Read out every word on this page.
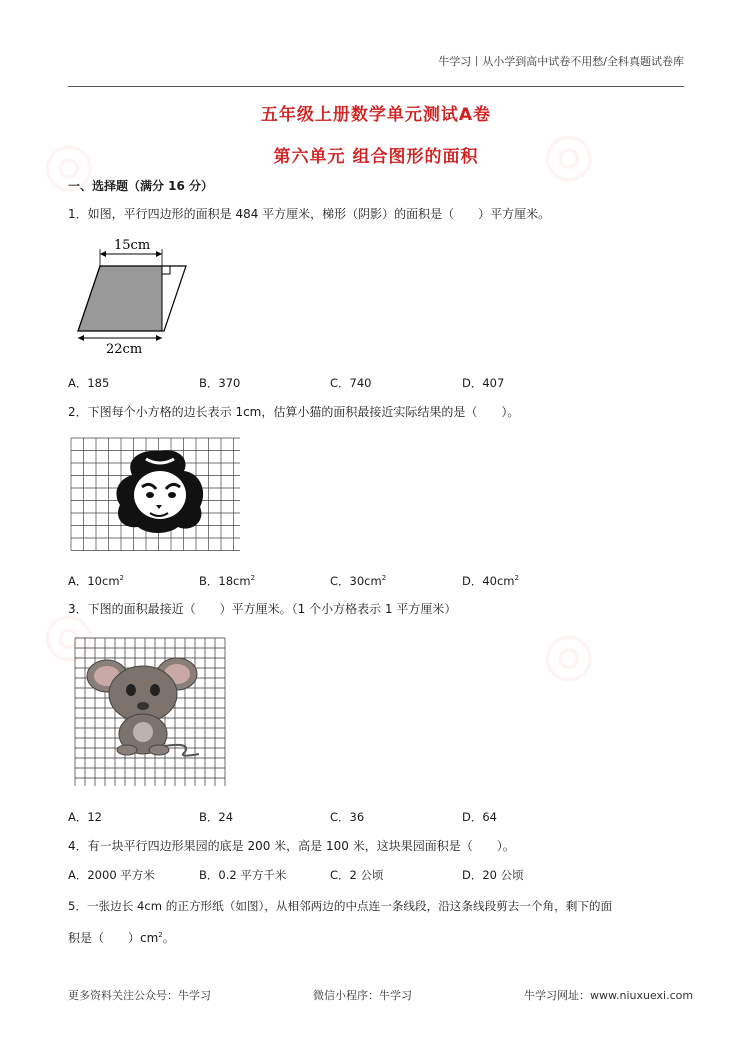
◎	◎
◎	◎
牛学习丨从小学到高中试卷不用愁/全科真题试卷库
五年级上册数学单元测试A卷
第六单元 组合图形的面积
一、选择题（满分 16 分）
1．如图，平行四边形的面积是 484 平方厘米，梯形（阴影）的面积是（　　）平方厘米。
15cm
22cm
A．185	B．370	C．740	D．407
2．下图每个小方格的边长表示 1cm，估算小猫的面积最接近实际结果的是（　　）。
A．$10cm^2$	B．$18cm^2$	C．$30cm^2$	D．$40cm^2$
3．下图的面积最接近（　　）平方厘米。（1 个小方格表示 1 平方厘米）
A．12	B．24	C．36	D．64
4．有一块平行四边形果园的底是 200 米，高是 100 米，这块果园面积是（　　）。
A．2000 平方米	B．0.2 平方千米	C．2 公顷	D．20 公顷
5．一张边长 4cm 的正方形纸（如图），从相邻两边的中点连一条线段，沿这条线段剪去一个角，剩下的面
积是（　　）$cm^2$。
更多资料关注公众号：牛学习	微信小程序：牛学习	牛学习网址：www.niuxuexi.com
